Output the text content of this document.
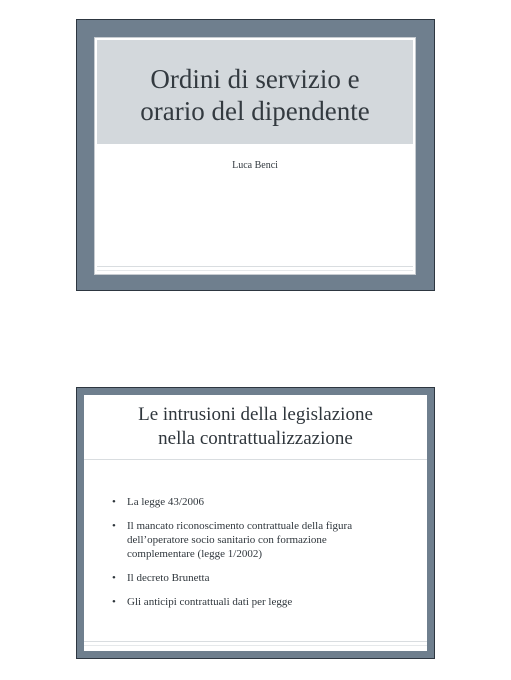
Ordini di servizio e
orario del dipendente
Luca Benci
Le intrusioni della legislazione
nella contrattualizzazione
• La legge 43/2006
• Il mancato riconoscimento contrattuale della figura
dell’operatore socio sanitario con formazione
complementare (legge 1/2002)
• Il decreto Brunetta
• Gli anticipi contrattuali dati per legge
